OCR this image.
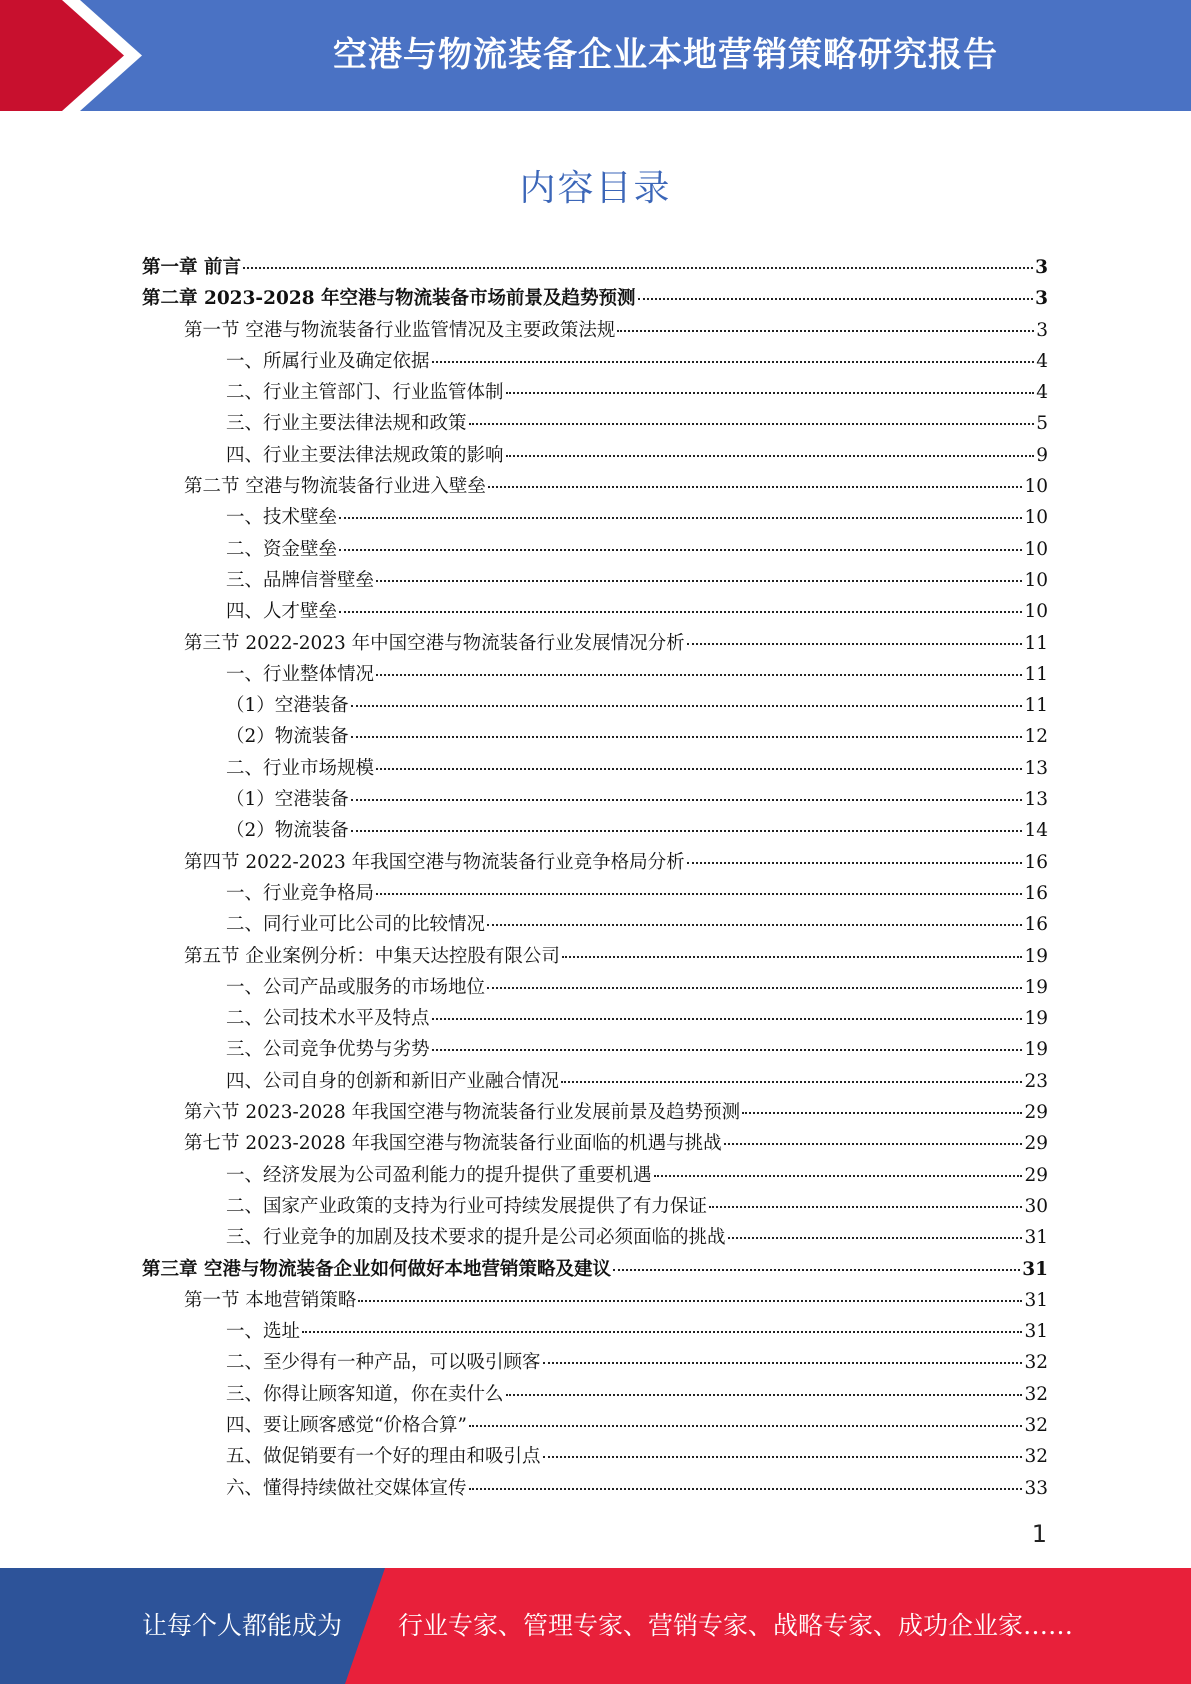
空港与物流装备企业本地营销策略研究报告
内容目录
第一章 前言	3
第二章 2023-2028 年空港与物流装备市场前景及趋势预测	3
第一节 空港与物流装备行业监管情况及主要政策法规	3
一、所属行业及确定依据	4
二、行业主管部门、行业监管体制	4
三、行业主要法律法规和政策	5
四、行业主要法律法规政策的影响	9
第二节 空港与物流装备行业进入壁垒	10
一、技术壁垒	10
二、资金壁垒	10
三、品牌信誉壁垒	10
四、人才壁垒	10
第三节 2022-2023 年中国空港与物流装备行业发展情况分析	11
一、行业整体情况	11
（1）空港装备	11
（2）物流装备	12
二、行业市场规模	13
（1）空港装备	13
（2）物流装备	14
第四节 2022-2023 年我国空港与物流装备行业竞争格局分析	16
一、行业竞争格局	16
二、同行业可比公司的比较情况	16
第五节 企业案例分析：中集天达控股有限公司	19
一、公司产品或服务的市场地位	19
二、公司技术水平及特点	19
三、公司竞争优势与劣势	19
四、公司自身的创新和新旧产业融合情况	23
第六节 2023-2028 年我国空港与物流装备行业发展前景及趋势预测	29
第七节 2023-2028 年我国空港与物流装备行业面临的机遇与挑战	29
一、经济发展为公司盈利能力的提升提供了重要机遇	29
二、国家产业政策的支持为行业可持续发展提供了有力保证	30
三、行业竞争的加剧及技术要求的提升是公司必须面临的挑战	31
第三章 空港与物流装备企业如何做好本地营销策略及建议	31
第一节 本地营销策略	31
一、选址	31
二、至少得有一种产品，可以吸引顾客	32
三、你得让顾客知道，你在卖什么	32
四、要让顾客感觉“价格合算”	32
五、做促销要有一个好的理由和吸引点	32
六、懂得持续做社交媒体宣传	33
1
让每个人都能成为 行业专家、管理专家、营销专家、战略专家、成功企业家……
